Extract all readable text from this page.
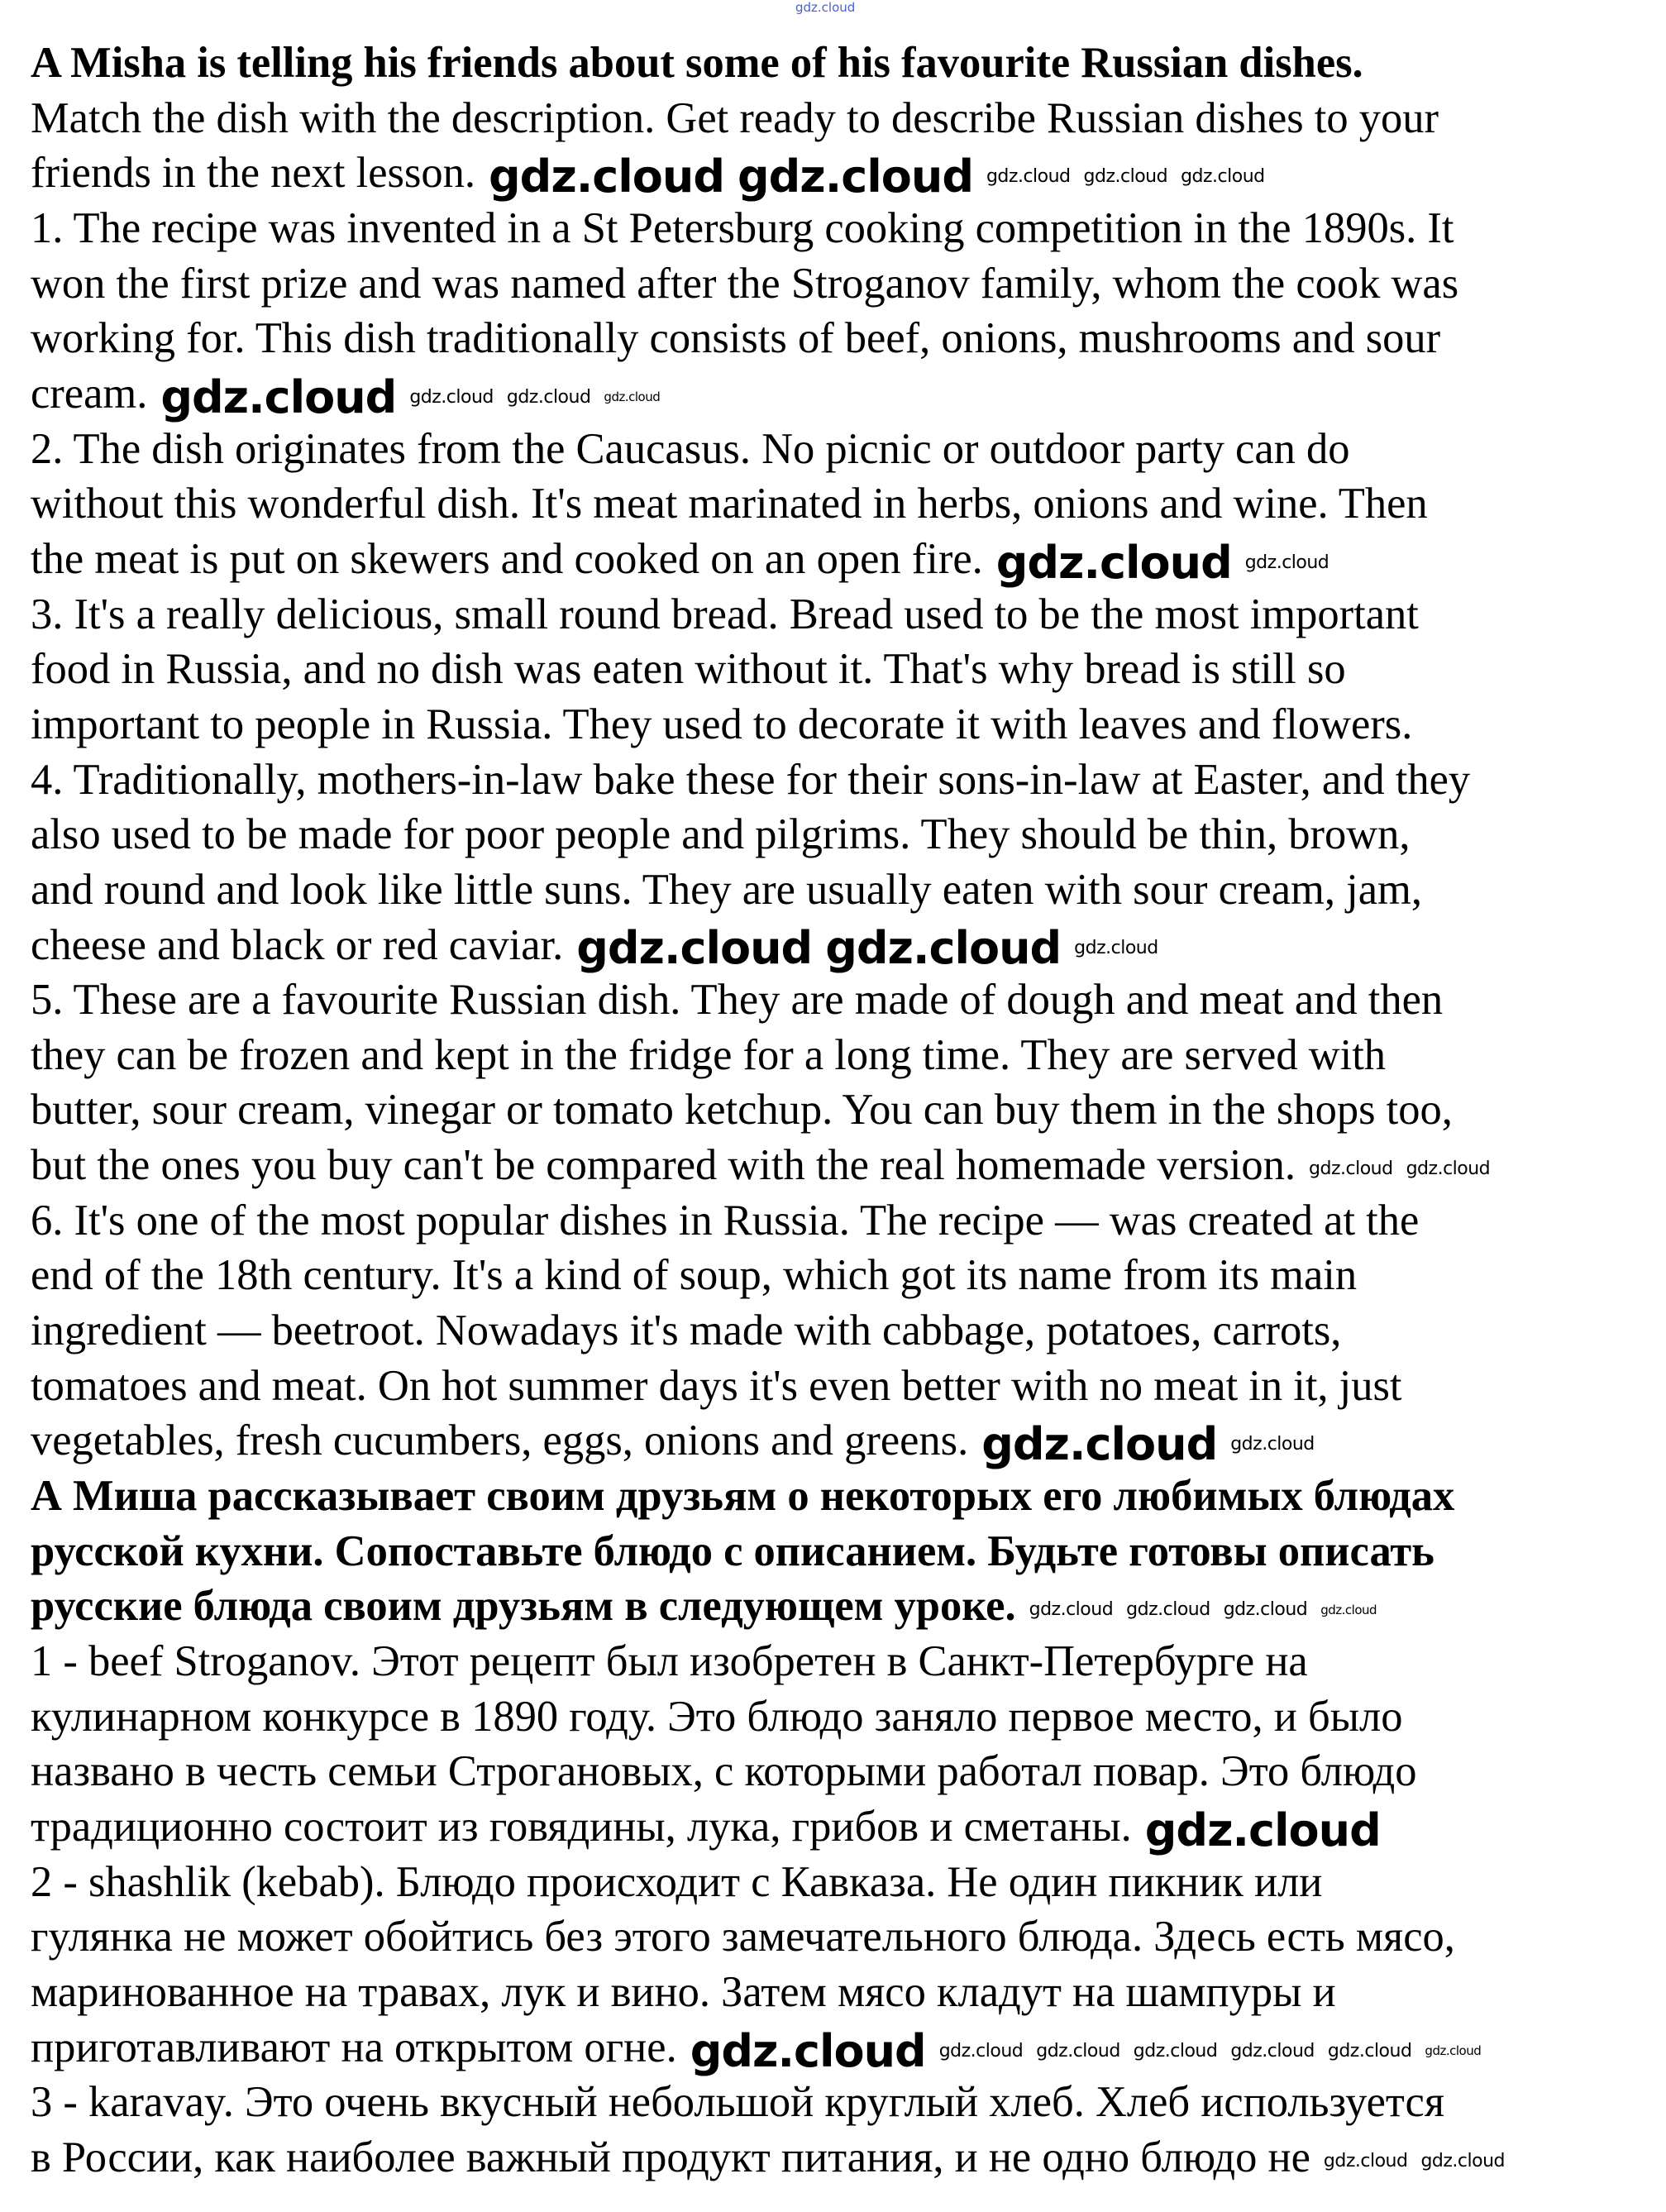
gdz.cloud
A Misha is telling his friends about some of his favourite Russian dishes.
Match the dish with the description. Get ready to describe Russian dishes to your
friends in the next lesson. gdz.cloud gdz.cloud gdz.cloud gdz.cloud gdz.cloud
1. The recipe was invented in a St Petersburg cooking competition in the 1890s. It
won the first prize and was named after the Stroganov family, whom the cook was
working for. This dish traditionally consists of beef, onions, mushrooms and sour
cream. gdz.cloud gdz.cloud gdz.cloud gdz.cloud
2. The dish originates from the Caucasus. No picnic or outdoor party can do
without this wonderful dish. It's meat marinated in herbs, onions and wine. Then
the meat is put on skewers and cooked on an open fire. gdz.cloud gdz.cloud
3. It's a really delicious, small round bread. Bread used to be the most important
food in Russia, and no dish was eaten without it. That's why bread is still so
important to people in Russia. They used to decorate it with leaves and flowers.
4. Traditionally, mothers-in-law bake these for their sons-in-law at Easter, and they
also used to be made for poor people and pilgrims. They should be thin, brown,
and round and look like little suns. They are usually eaten with sour cream, jam,
cheese and black or red caviar. gdz.cloud gdz.cloud gdz.cloud
5. These are a favourite Russian dish. They are made of dough and meat and then
they can be frozen and kept in the fridge for a long time. They are served with
butter, sour cream, vinegar or tomato ketchup. You can buy them in the shops too,
but the ones you buy can't be compared with the real homemade version. gdz.cloud gdz.cloud
6. It's one of the most popular dishes in Russia. The recipe — was created at the
end of the 18th century. It's a kind of soup, which got its name from its main
ingredient — beetroot. Nowadays it's made with cabbage, potatoes, carrots,
tomatoes and meat. On hot summer days it's even better with no meat in it, just
vegetables, fresh cucumbers, eggs, onions and greens. gdz.cloud gdz.cloud
А Миша рассказывает своим друзьям о некоторых его любимых блюдах
русской кухни. Сопоставьте блюдо с описанием. Будьте готовы описать
русские блюда своим друзьям в следующем уроке. gdz.cloud gdz.cloud gdz.cloud gdz.cloud
1 - beef Stroganov. Этот рецепт был изобретен в Санкт-Петербурге на
кулинарном конкурсе в 1890 году. Это блюдо заняло первое место, и было
названо в честь семьи Строгановых, с которыми работал повар. Это блюдо
традиционно состоит из говядины, лука, грибов и сметаны. gdz.cloud
2 - shashlik (kebab). Блюдо происходит с Кавказа. Не один пикник или
гулянка не может обойтись без этого замечательного блюда. Здесь есть мясо,
маринованное на травах, лук и вино. Затем мясо кладут на шампуры и
приготавливают на открытом огне. gdz.cloud gdz.cloud gdz.cloud gdz.cloud gdz.cloud gdz.cloud gdz.cloud
3 - karavay. Это очень вкусный небольшой круглый хлеб. Хлеб используется
в России, как наиболее важный продукт питания, и не одно блюдо не gdz.cloud gdz.cloud
